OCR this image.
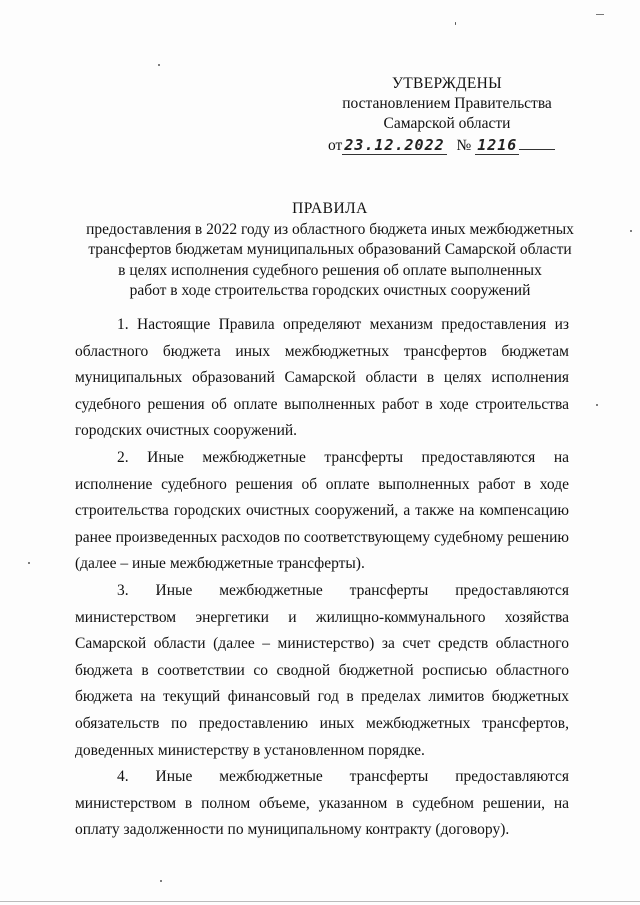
УТВЕРЖДЕНЫ
постановлением Правительства
Самарской области

от 23.12.2022 № 1216
ПРАВИЛА
предоставления в 2022 году из областного бюджета иных межбюджетных
трансфертов бюджетам муниципальных образований Самарской области
в целях исполнения судебного решения об оплате выполненных
работ в ходе строительства городских очистных сооружений

1. Настоящие Правила определяют механизм предоставления из областного бюджета иных межбюджетных трансфертов бюджетам муниципальных образований Самарской области в целях исполнения судебного решения об оплате выполненных работ в ходе строительства городских очистных сооружений.

2. Иные межбюджетные трансферты предоставляются на исполнение судебного решения об оплате выполненных работ в ходе строительства городских очистных сооружений, а также на компенсацию ранее произведенных расходов по соответствующему судебному решению (далее – иные межбюджетные трансферты).

3. Иные межбюджетные трансферты предоставляются министерством энергетики и жилищно-коммунального хозяйства Самарской области (далее – министерство) за счет средств областного бюджета в соответствии со сводной бюджетной росписью областного бюджета на текущий финансовый год в пределах лимитов бюджетных обязательств по предоставлению иных межбюджетных трансфертов, доведенных министерству в установленном порядке.

4. Иные межбюджетные трансферты предоставляются министерством в полном объеме, указанном в судебном решении, на оплату задолженности по муниципальному контракту (договору).
